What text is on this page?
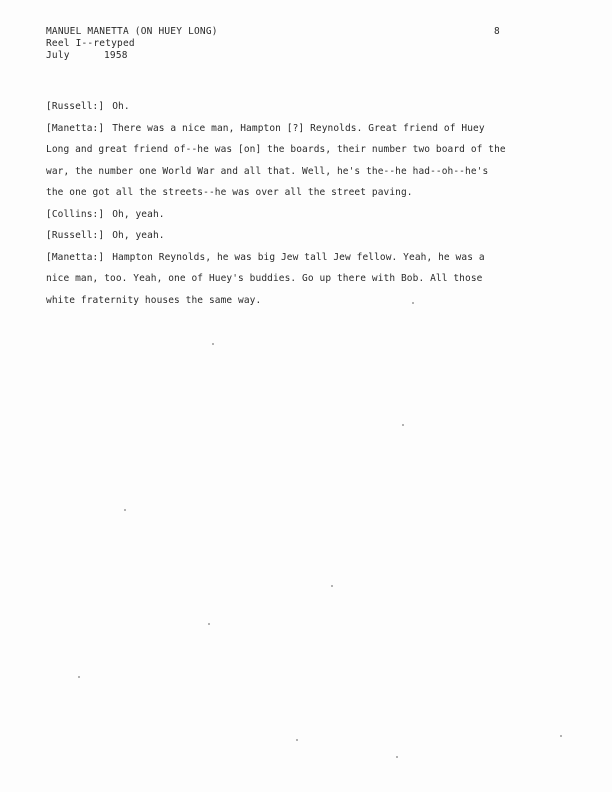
MANUEL MANETTA (ON HUEY LONG)
Reel I--retyped
July	1958
8
[Russell:] Oh.
[Manetta:] There was a nice man, Hampton [?] Reynolds. Great friend of Huey Long and great friend of--he was [on] the boards, their number two board of the war, the number one World War and all that. Well, he's the--he had--oh--he's the one got all the streets--he was over all the street paving.
[Collins:] Oh, yeah.
[Russell:] Oh, yeah.
[Manetta:] Hampton Reynolds, he was big Jew tall Jew fellow. Yeah, he was a nice man, too. Yeah, one of Huey's buddies. Go up there with Bob. All those white fraternity houses the same way.
